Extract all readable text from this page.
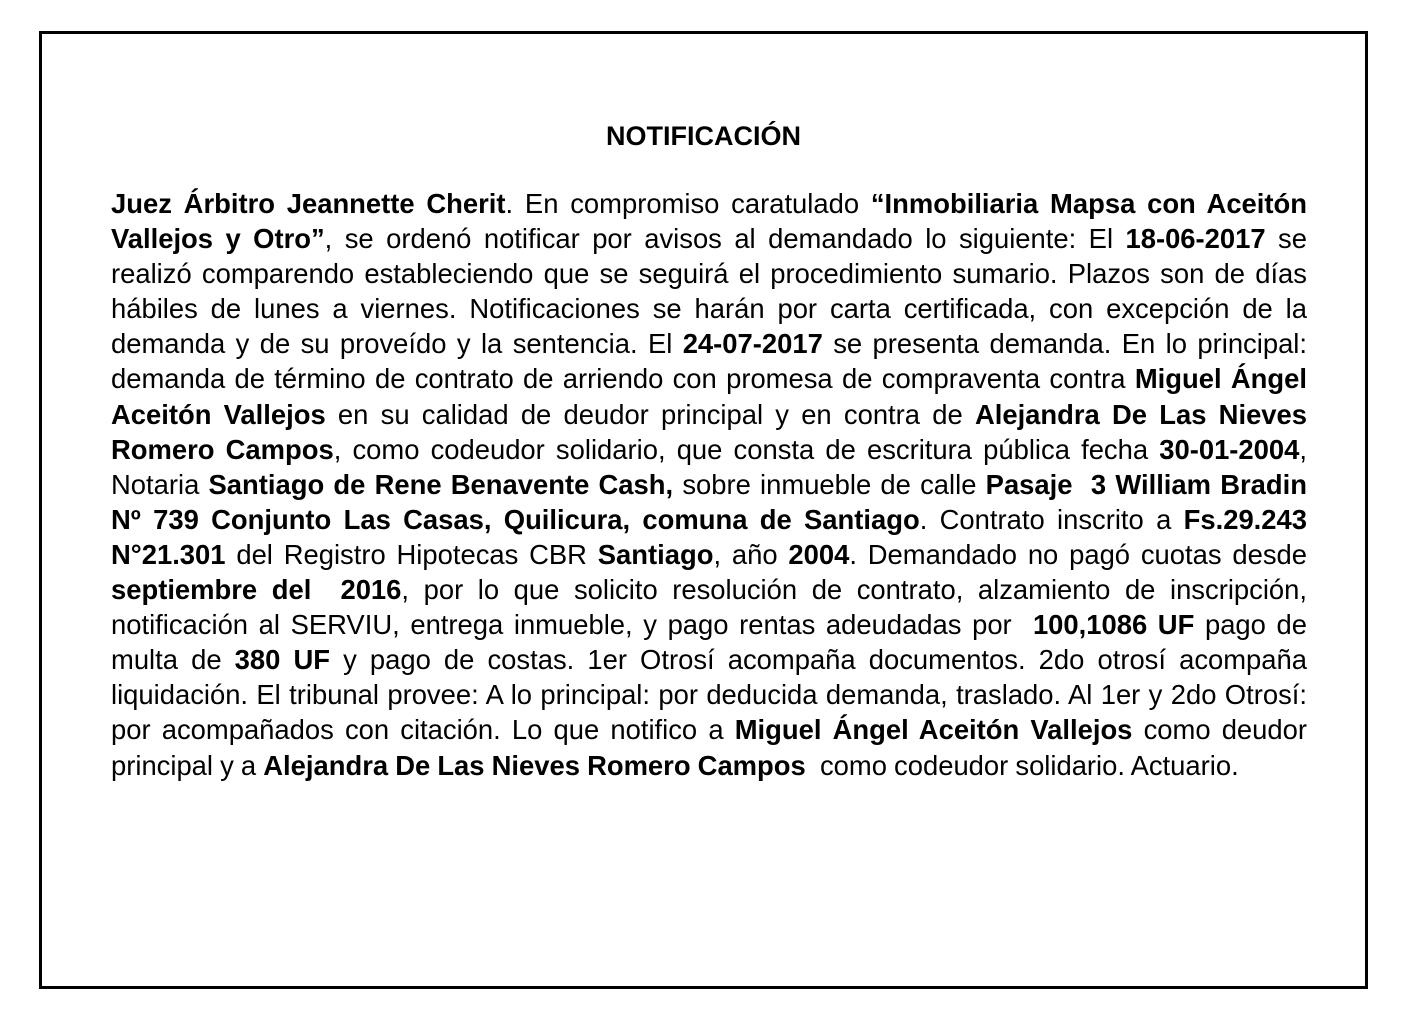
NOTIFICACIÓN

Juez Árbitro Jeannette Cherit. En compromiso caratulado “Inmobiliaria Mapsa con Aceitón Vallejos y Otro”, se ordenó notificar por avisos al demandado lo siguiente: El 18-06-2017 se realizó comparendo estableciendo que se seguirá el procedimiento sumario. Plazos son de días hábiles de lunes a viernes. Notificaciones se harán por carta certificada, con excepción de la demanda y de su proveído y la sentencia. El 24-07-2017 se presenta demanda. En lo principal: demanda de término de contrato de arriendo con promesa de compraventa contra Miguel Ángel Aceitón Vallejos en su calidad de deudor principal y en contra de Alejandra De Las Nieves Romero Campos, como codeudor solidario, que consta de escritura pública fecha 30-01-2004, Notaria Santiago de Rene Benavente Cash, sobre inmueble de calle Pasaje  3 William Bradin Nº 739 Conjunto Las Casas, Quilicura, comuna de Santiago. Contrato inscrito a Fs.29.243 N°21.301 del Registro Hipotecas CBR Santiago, año 2004. Demandado no pagó cuotas desde septiembre del  2016, por lo que solicito resolución de contrato, alzamiento de inscripción, notificación al SERVIU, entrega inmueble, y pago rentas adeudadas por  100,1086 UF pago de multa de 380 UF y pago de costas. 1er Otrosí acompaña documentos. 2do otrosí acompaña liquidación. El tribunal provee: A lo principal: por deducida demanda, traslado. Al 1er y 2do Otrosí: por acompañados con citación. Lo que notifico a Miguel Ángel Aceitón Vallejos como deudor principal y a Alejandra De Las Nieves Romero Campos  como codeudor solidario. Actuario.
